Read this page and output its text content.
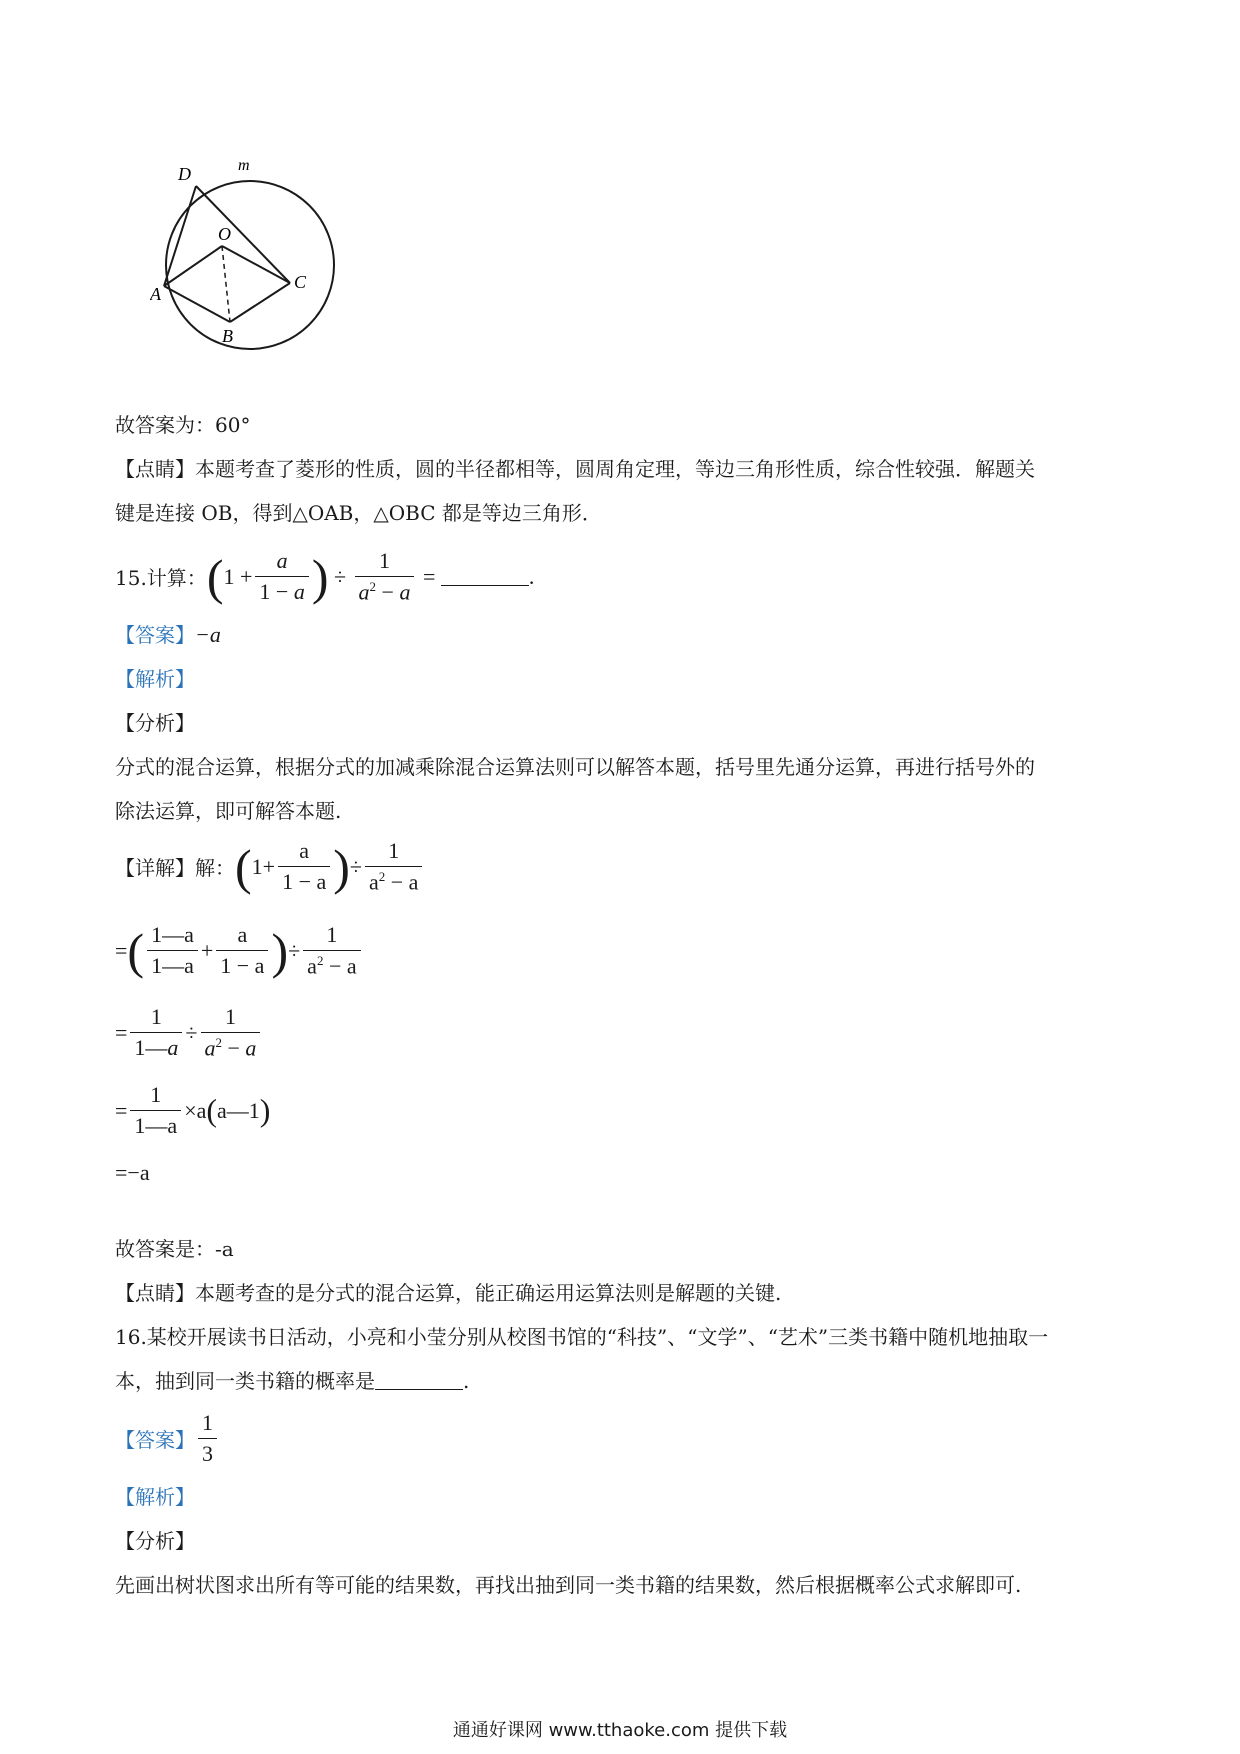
D	m
O
A
C
B
故答案为：60°
【点睛】本题考查了菱形的性质，圆的半径都相等，圆周角定理，等边三角形性质，综合性较强．解题关
键是连接 OB，得到△OAB，△OBC 都是等边三角形．
15.计算： ( $1 + \frac{a}{1 - a}$ ) ÷ $\frac{1}{a^2 - a}$ =	.
【答案】−a
【解析】
【分析】
分式的混合运算，根据分式的加减乘除混合运算法则可以解答本题，括号里先通分运算，再进行括号外的
除法运算，即可解答本题.
【详解】解： ( $1+ \frac{a}{1 - a}$ ) ÷ $\frac{1}{a^2 - a}$
= ( $\frac{1—a}{1—a} + \frac{a}{1 - a}$ ) ÷ $\frac{1}{a^2 - a}$
= $\frac{1}{1—a} \div \frac{1}{a^2 - a}$
= $\frac{1}{1—a} \times a$ ( a—1 )
=−a
故答案是：-a
【点睛】本题考查的是分式的混合运算，能正确运用运算法则是解题的关键.
16.某校开展读书日活动，小亮和小莹分别从校图书馆的“科技”、“文学”、“艺术”三类书籍中随机地抽取一
本，抽到同一类书籍的概率是	.
【答案】 $\frac{1}{3}$
【解析】
【分析】
先画出树状图求出所有等可能的结果数，再找出抽到同一类书籍的结果数，然后根据概率公式求解即可.
通通好课网 www.tthaoke.com 提供下载
